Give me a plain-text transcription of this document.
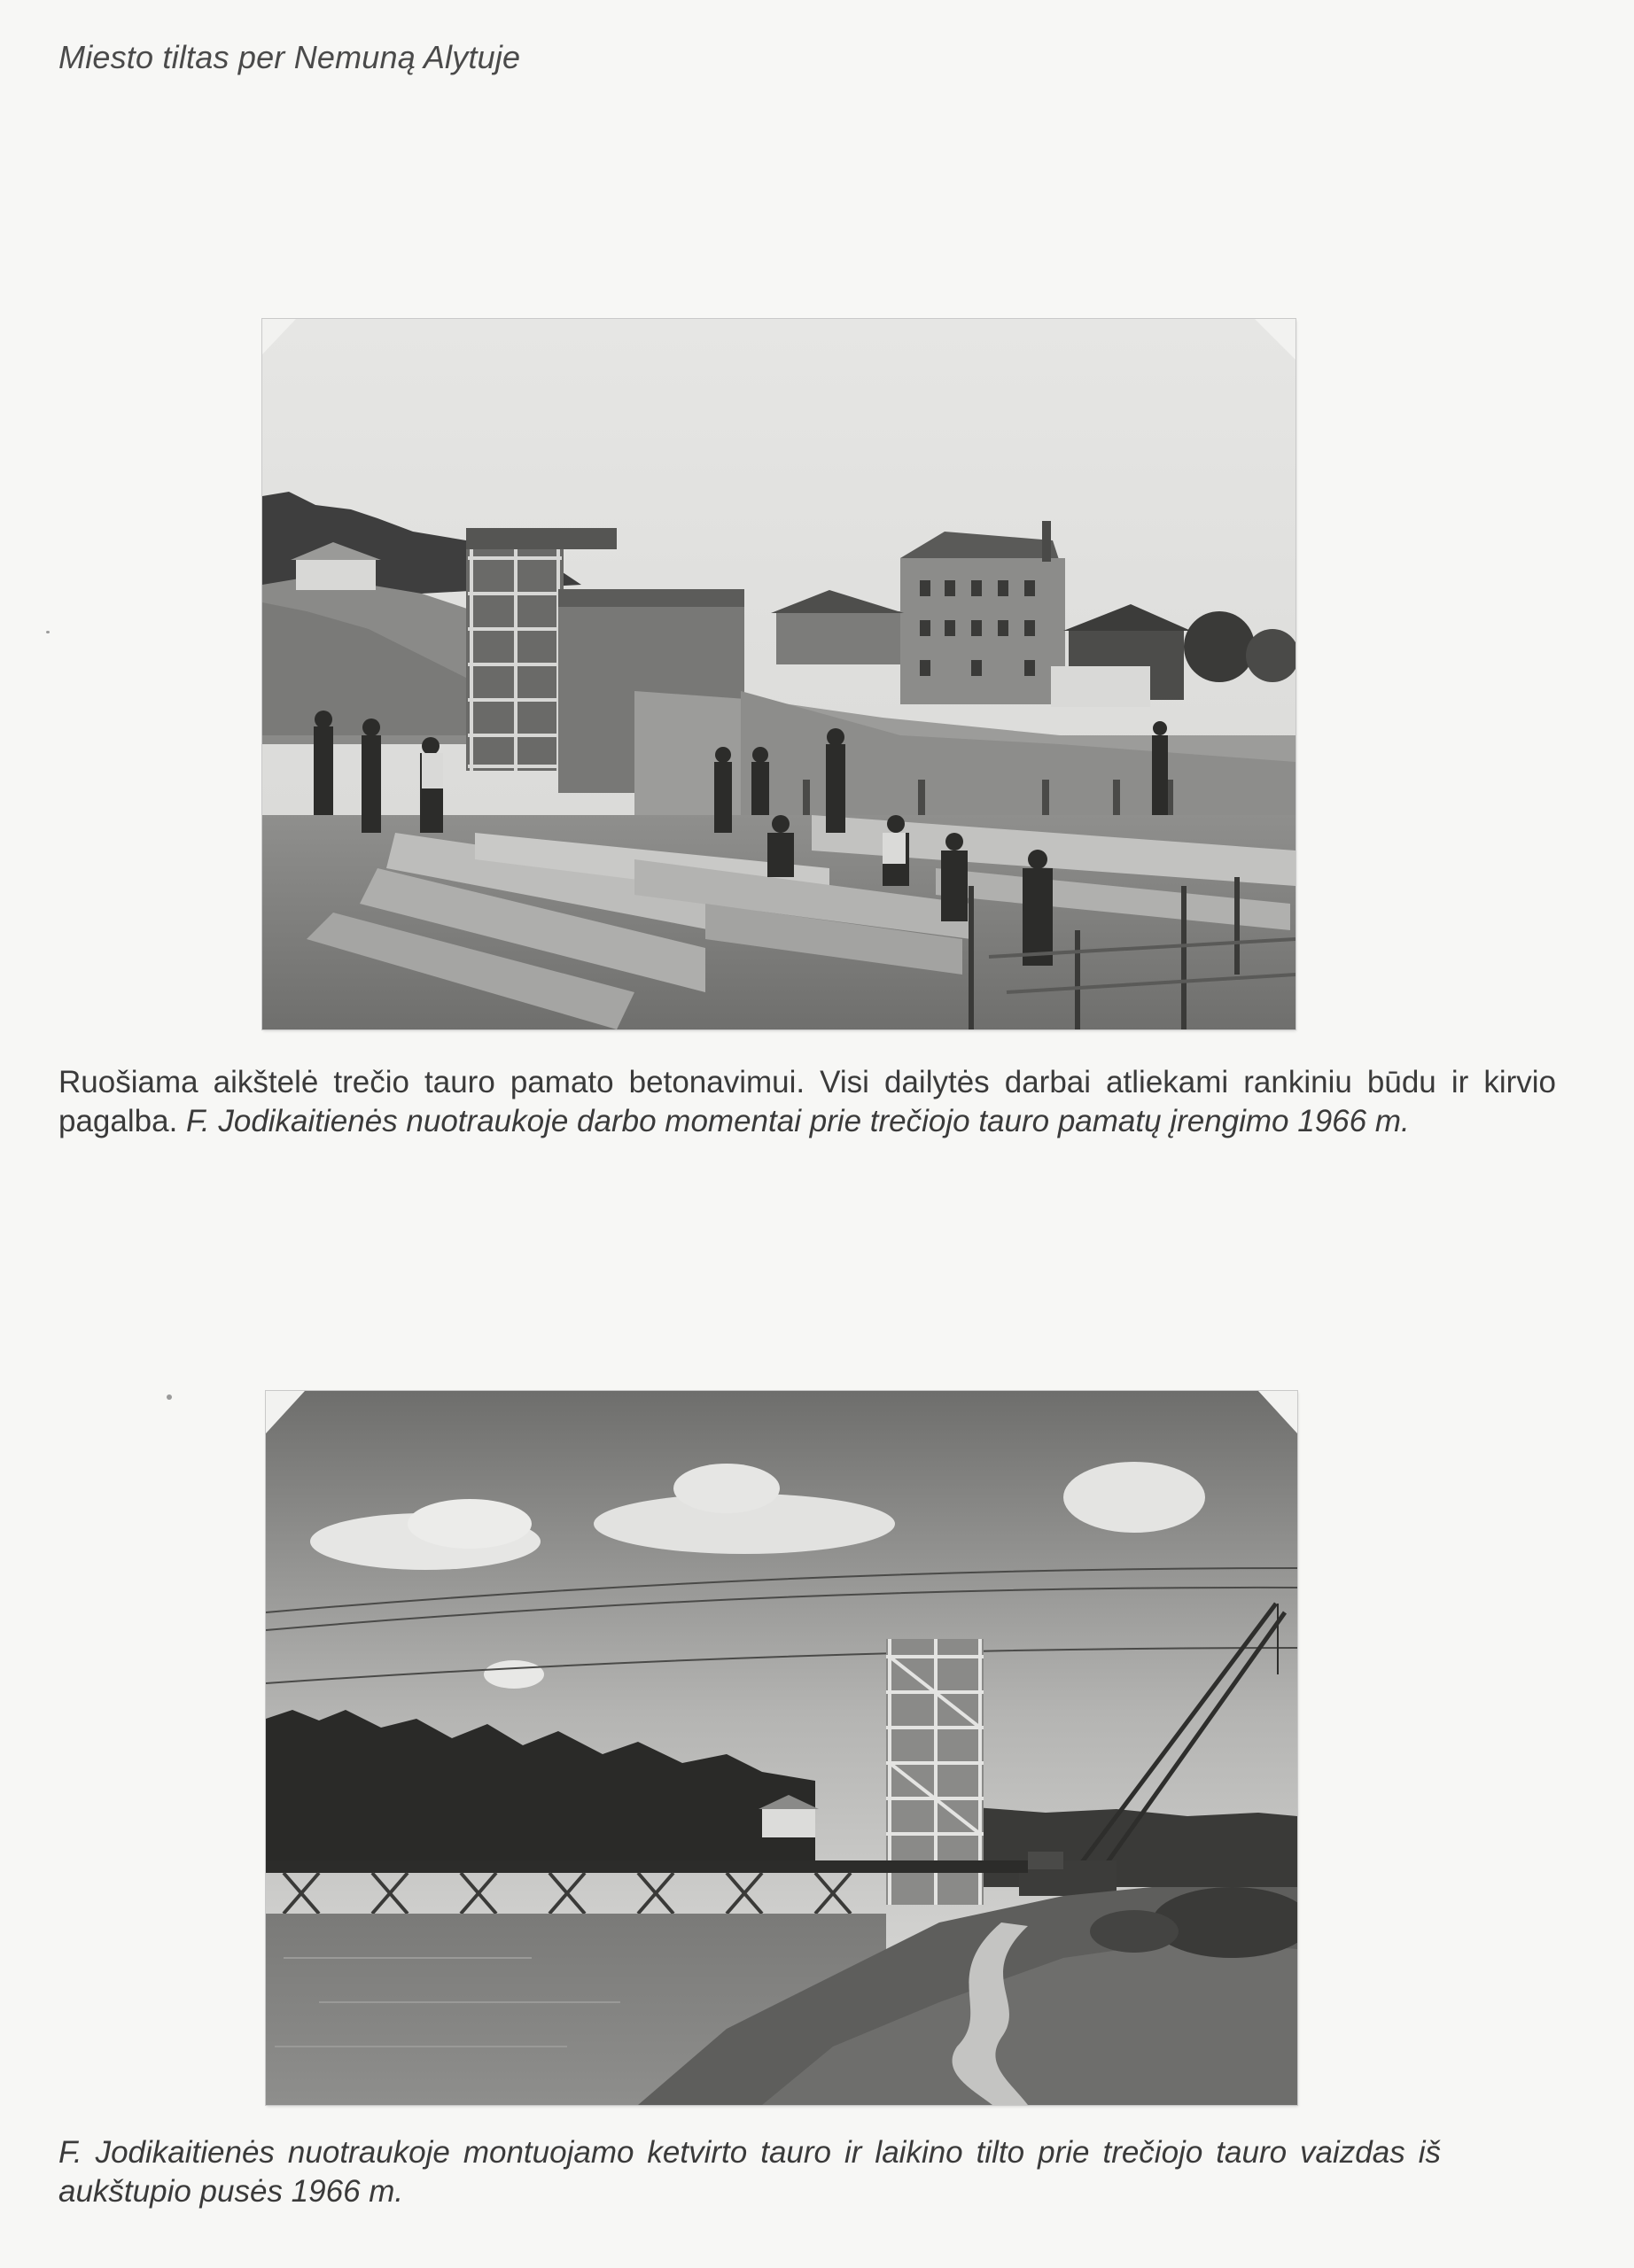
Miesto tiltas per Nemuną Alytuje
Ruošiama aikštelė trečio tauro pamato betonavimui. Visi dailytės darbai atliekami rankiniu būdu ir kirvio pagalba. F. Jodikaitienės nuotraukoje darbo momentai prie trečiojo tauro pamatų įrengimo 1966 m.
F. Jodikaitienės nuotraukoje montuojamo ketvirto tauro ir laikino tilto prie trečiojo tauro vaizdas iš aukštupio pusės 1966 m.
